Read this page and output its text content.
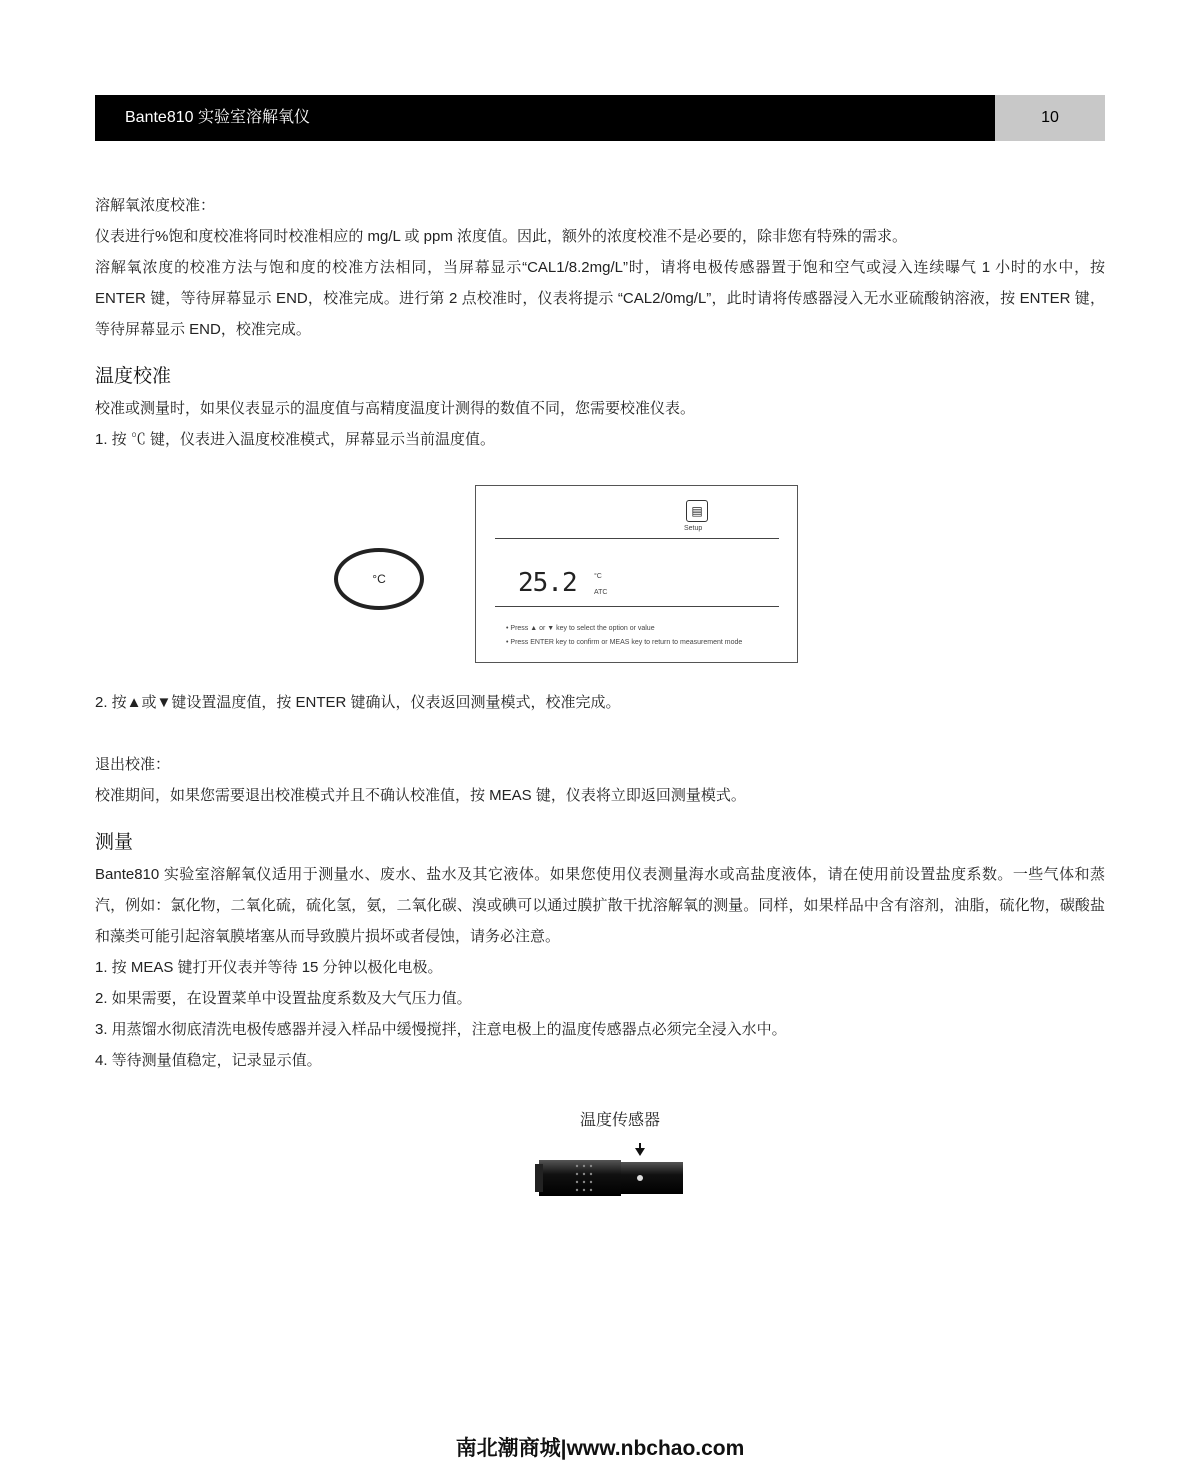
Bante810 实验室溶解氧仪	10

溶解氧浓度校准：

仪表进行%饱和度校准将同时校准相应的 mg/L 或 ppm 浓度值。因此，额外的浓度校准不是必要的，除非您有特殊的需求。

溶解氧浓度的校准方法与饱和度的校准方法相同，当屏幕显示“CAL1/8.2mg/L”时，请将电极传感器置于饱和空气或浸入连续曝气 1 小时的水中，按 ENTER 键，等待屏幕显示 END，校准完成。进行第 2 点校准时，仪表将提示 “CAL2/0mg/L”，此时请将传感器浸入无水亚硫酸钠溶液，按 ENTER 键，等待屏幕显示 END，校准完成。

温度校准

校准或测量时，如果仪表显示的温度值与高精度温度计测得的数值不同，您需要校准仪表。

1. 按 ℃ 键，仪表进入温度校准模式，屏幕显示当前温度值。

°C
▤
Setup
25.2 °C
ATC
• Press ▲ or ▼ key to select the option or value
• Press ENTER key to confirm or MEAS key to return to measurement mode
2. 按▲或▼键设置温度值，按 ENTER 键确认，仪表返回测量模式，校准完成。

退出校准：

校准期间，如果您需要退出校准模式并且不确认校准值，按 MEAS 键，仪表将立即返回测量模式。

测量

Bante810 实验室溶解氧仪适用于测量水、废水、盐水及其它液体。如果您使用仪表测量海水或高盐度液体，请在使用前设置盐度系数。一些气体和蒸汽，例如：氯化物，二氧化硫，硫化氢，氨，二氧化碳、溴或碘可以通过膜扩散干扰溶解氧的测量。同样，如果样品中含有溶剂，油脂，硫化物，碳酸盐和藻类可能引起溶氧膜堵塞从而导致膜片损坏或者侵蚀，请务必注意。

1. 按 MEAS 键打开仪表并等待 15 分钟以极化电极。

2. 如果需要，在设置菜单中设置盐度系数及大气压力值。

3. 用蒸馏水彻底清洗电极传感器并浸入样品中缓慢搅拌，注意电极上的温度传感器点必须完全浸入水中。

4. 等待测量值稳定，记录显示值。

温度传感器
南北潮商城|www.nbchao.com
